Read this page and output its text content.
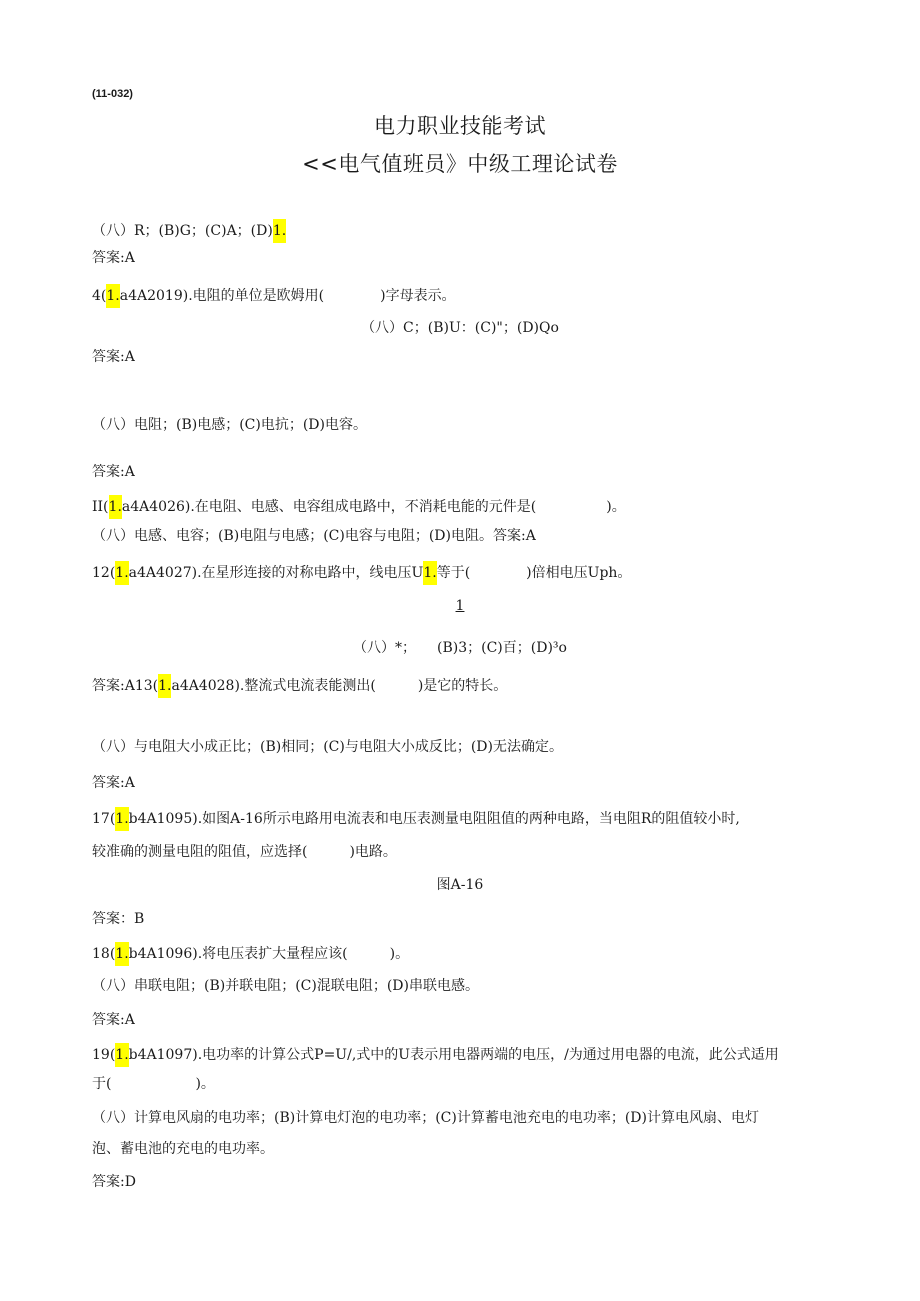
(11-032)
电力职业技能考试
<<电气值班员》中级工理论试卷
（八）R；(B)G；(C)A；(D)1.
答案:A
4(1.a4A2019).电阻的单位是欧姆用(　　　　)字母表示。
（八）C；(B)U：(C)"；(D)Qo
答案:A
（八）电阻；(B)电感；(C)电抗；(D)电容。
答案:A
II(1.a4A4026).在电阻、电感、电容组成电路中，不消耗电能的元件是(　　　　　)。
（八）电感、电容；(B)电阻与电感；(C)电容与电阻；(D)电阻。答案:A
12(1.a4A4027).在星形连接的对称电路中，线电压U1.等于(　　　　)倍相电压Uph。
1
（八）*；　　(B)3；(C)百；(D)³o
答案:A13(1.a4A4028).整流式电流表能测出(　　　)是它的特长。
（八）与电阻大小成正比；(B)相同；(C)与电阻大小成反比；(D)无法确定。
答案:A
17(1.b4A1095).如图A-16所示电路用电流表和电压表测量电阻阻值的两种电路，当电阻R的阻值较小时,
较准确的测量电阻的阻值，应选择(　　　)电路。
图A-16
答案：B
18(1.b4A1096).将电压表扩大量程应该(　　　)。
（八）串联电阻；(B)并联电阻；(C)混联电阻；(D)串联电感。
答案:A
19(1.b4A1097).电功率的计算公式P=U/,式中的U表示用电器两端的电压，/为通过用电器的电流，此公式适用
于(　　　　　　)。
（八）计算电风扇的电功率；(B)计算电灯泡的电功率；(C)计算蓄电池充电的电功率；(D)计算电风扇、电灯
泡、蓄电池的充电的电功率。
答案:D
